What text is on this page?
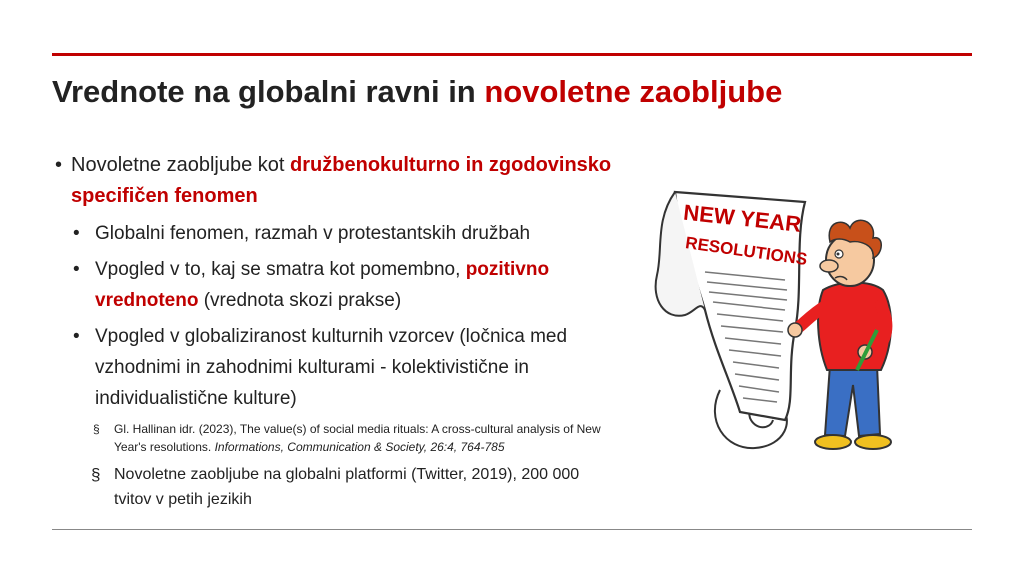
Vrednote na globalni ravni in novoletne zaobljube
• Novoletne zaobljube kot družbenokulturno in zgodovinsko specifičen fenomen
• Globalni fenomen, razmah v protestantskih družbah
• Vpogled v to, kaj se smatra kot pomembno, pozitivno vrednoteno (vrednota skozi prakse)
• Vpogled v globaliziranost kulturnih vzorcev (ločnica med vzhodnimi in zahodnimi kulturami - kolektivistične in individualistične kulture)
§ Gl. Hallinan idr. (2023), The value(s) of social media rituals: A cross-cultural analysis of New Year's resolutions. Informations, Communication & Society, 26:4, 764-785
§ Novoletne zaobljube na globalni platformi (Twitter, 2019), 200 000 tvitov v petih jezikih
NEW YEAR
RESOLUTIONS
